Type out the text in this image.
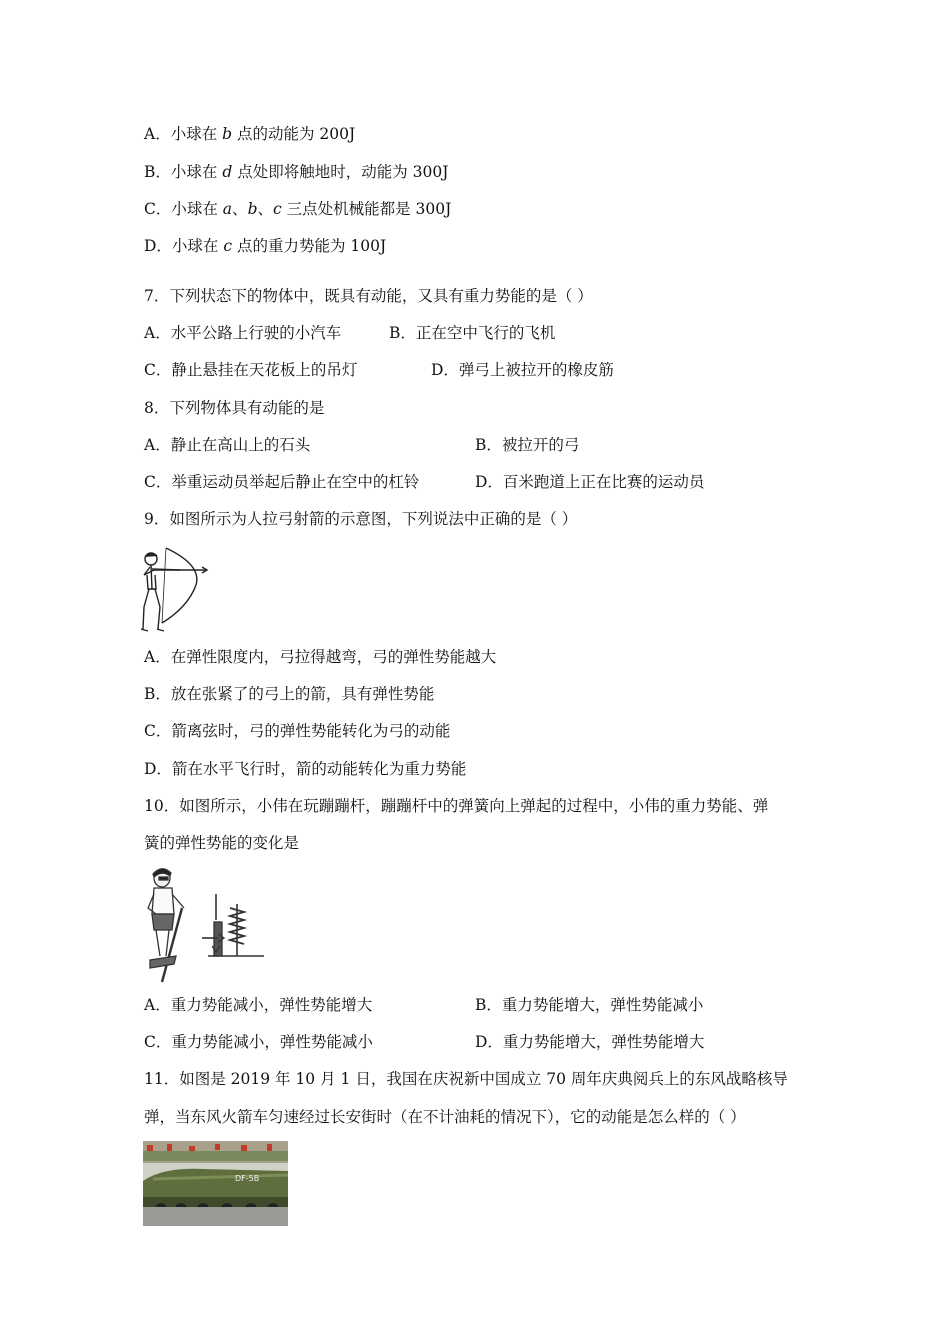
A．小球在 b 点的动能为 200J
B．小球在 d 点处即将触地时，动能为 300J
C．小球在 a、b、c 三点处机械能都是 300J
D．小球在 c 点的重力势能为 100J
7．下列状态下的物体中，既具有动能，又具有重力势能的是（ ）
A．水平公路上行驶的小汽车	B．正在空中飞行的飞机
C．静止悬挂在天花板上的吊灯	D．弹弓上被拉开的橡皮筋
8．下列物体具有动能的是
A．静止在高山上的石头	B．被拉开的弓
C．举重运动员举起后静止在空中的杠铃	D．百米跑道上正在比赛的运动员
9．如图所示为人拉弓射箭的示意图，下列说法中正确的是（ ）
A．在弹性限度内，弓拉得越弯，弓的弹性势能越大
B．放在张紧了的弓上的箭，具有弹性势能
C．箭离弦时，弓的弹性势能转化为弓的动能
D．箭在水平飞行时，箭的动能转化为重力势能
10．如图所示，小伟在玩蹦蹦杆，蹦蹦杆中的弹簧向上弹起的过程中，小伟的重力势能、弹
簧的弹性势能的变化是
A．重力势能减小，弹性势能增大	B．重力势能增大，弹性势能减小
C．重力势能减小，弹性势能减小	D．重力势能增大，弹性势能增大
11．如图是 2019 年 10 月 1 日，我国在庆祝新中国成立 70 周年庆典阅兵上的东风战略核导
弹，当东风火箭车匀速经过长安街时（在不计油耗的情况下），它的动能是怎么样的（ ）
DF-5B
